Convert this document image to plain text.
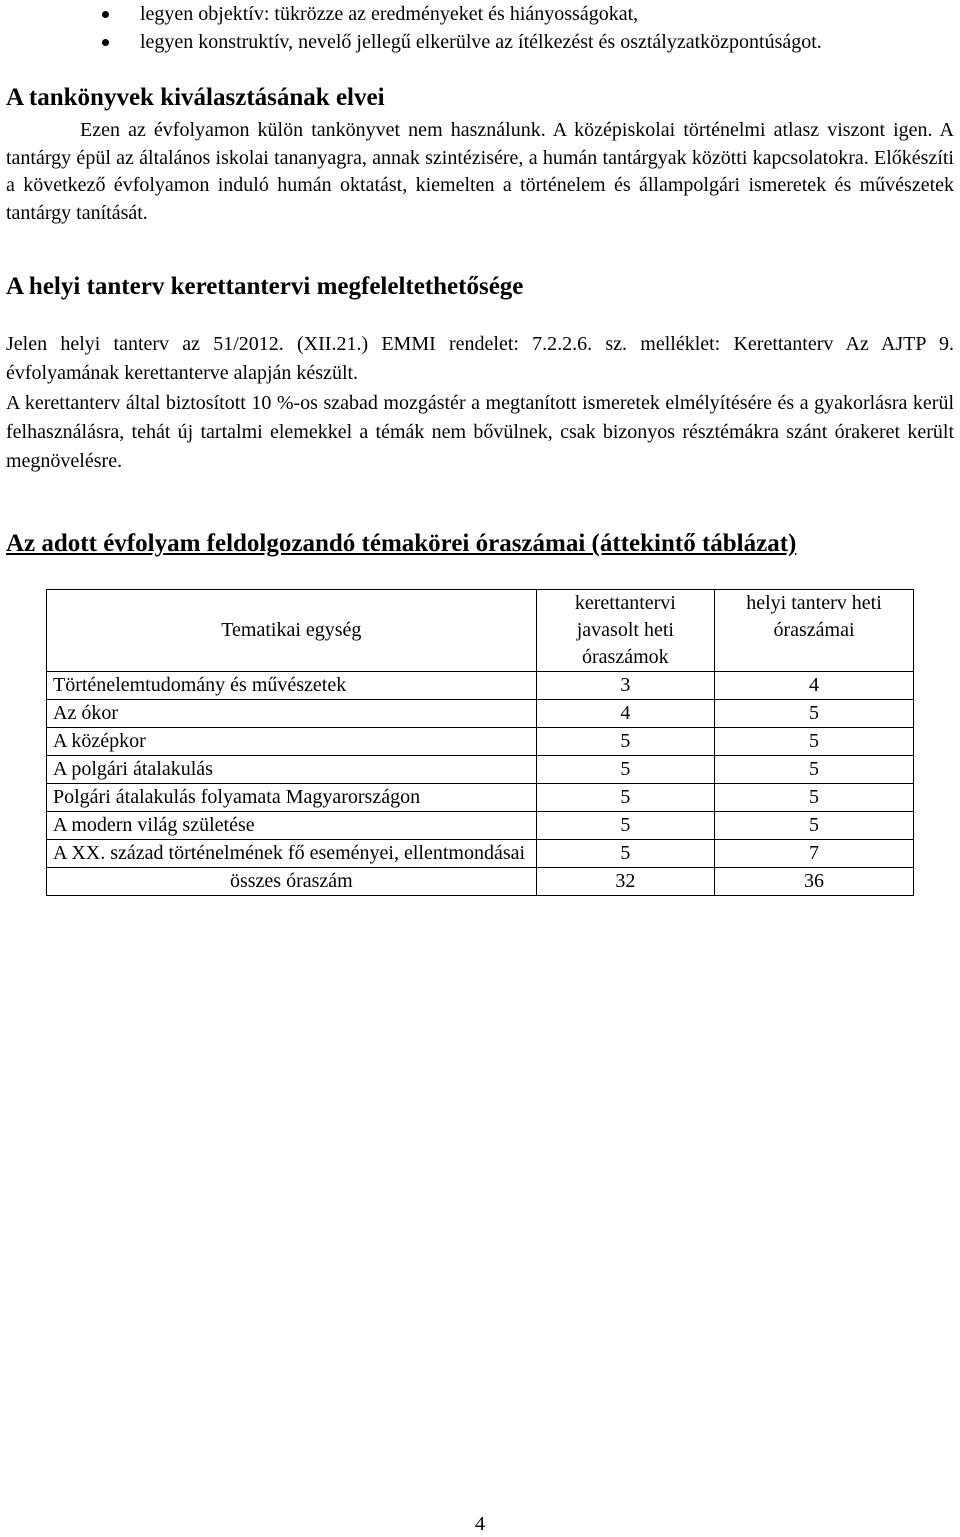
legyen objektív: tükrözze az eredményeket és hiányosságokat,
legyen konstruktív, nevelő jellegű elkerülve az ítélkezést és osztályzatközpontúságot.
A tankönyvek kiválasztásának elvei
Ezen az évfolyamon külön tankönyvet nem használunk. A középiskolai történelmi atlasz viszont igen. A tantárgy épül az általános iskolai tananyagra, annak szintézisére, a humán tantárgyak közötti kapcsolatokra. Előkészíti a következő évfolyamon induló humán oktatást, kiemelten a történelem és állampolgári ismeretek és művészetek tantárgy tanítását.
A helyi tanterv kerettantervi megfeleltethetősége
Jelen helyi tanterv az 51/2012. (XII.21.) EMMI rendelet: 7.2.2.6. sz. melléklet: Kerettanterv Az AJTP 9. évfolyamának kerettanterve alapján készült.
A kerettanterv által biztosított 10 %-os szabad mozgástér a megtanított ismeretek elmélyítésére és a gyakorlásra kerül felhasználásra, tehát új tartalmi elemekkel a témák nem bővülnek, csak bizonyos résztémákra szánt órakeret került megnövelésre.
Az adott évfolyam feldolgozandó témakörei óraszámai (áttekintő táblázat)
Tematikai egység	kerettantervi javasolt heti óraszámok	helyi tanterv heti óraszámai
Történelemtudomány és művészetek	3	4
Az ókor	4	5
A középkor	5	5
A polgári átalakulás	5	5
Polgári átalakulás folyamata Magyarországon	5	5
A modern világ születése	5	5
A XX. század történelmének fő eseményei, ellentmondásai	5	7
összes óraszám	32	36
4
